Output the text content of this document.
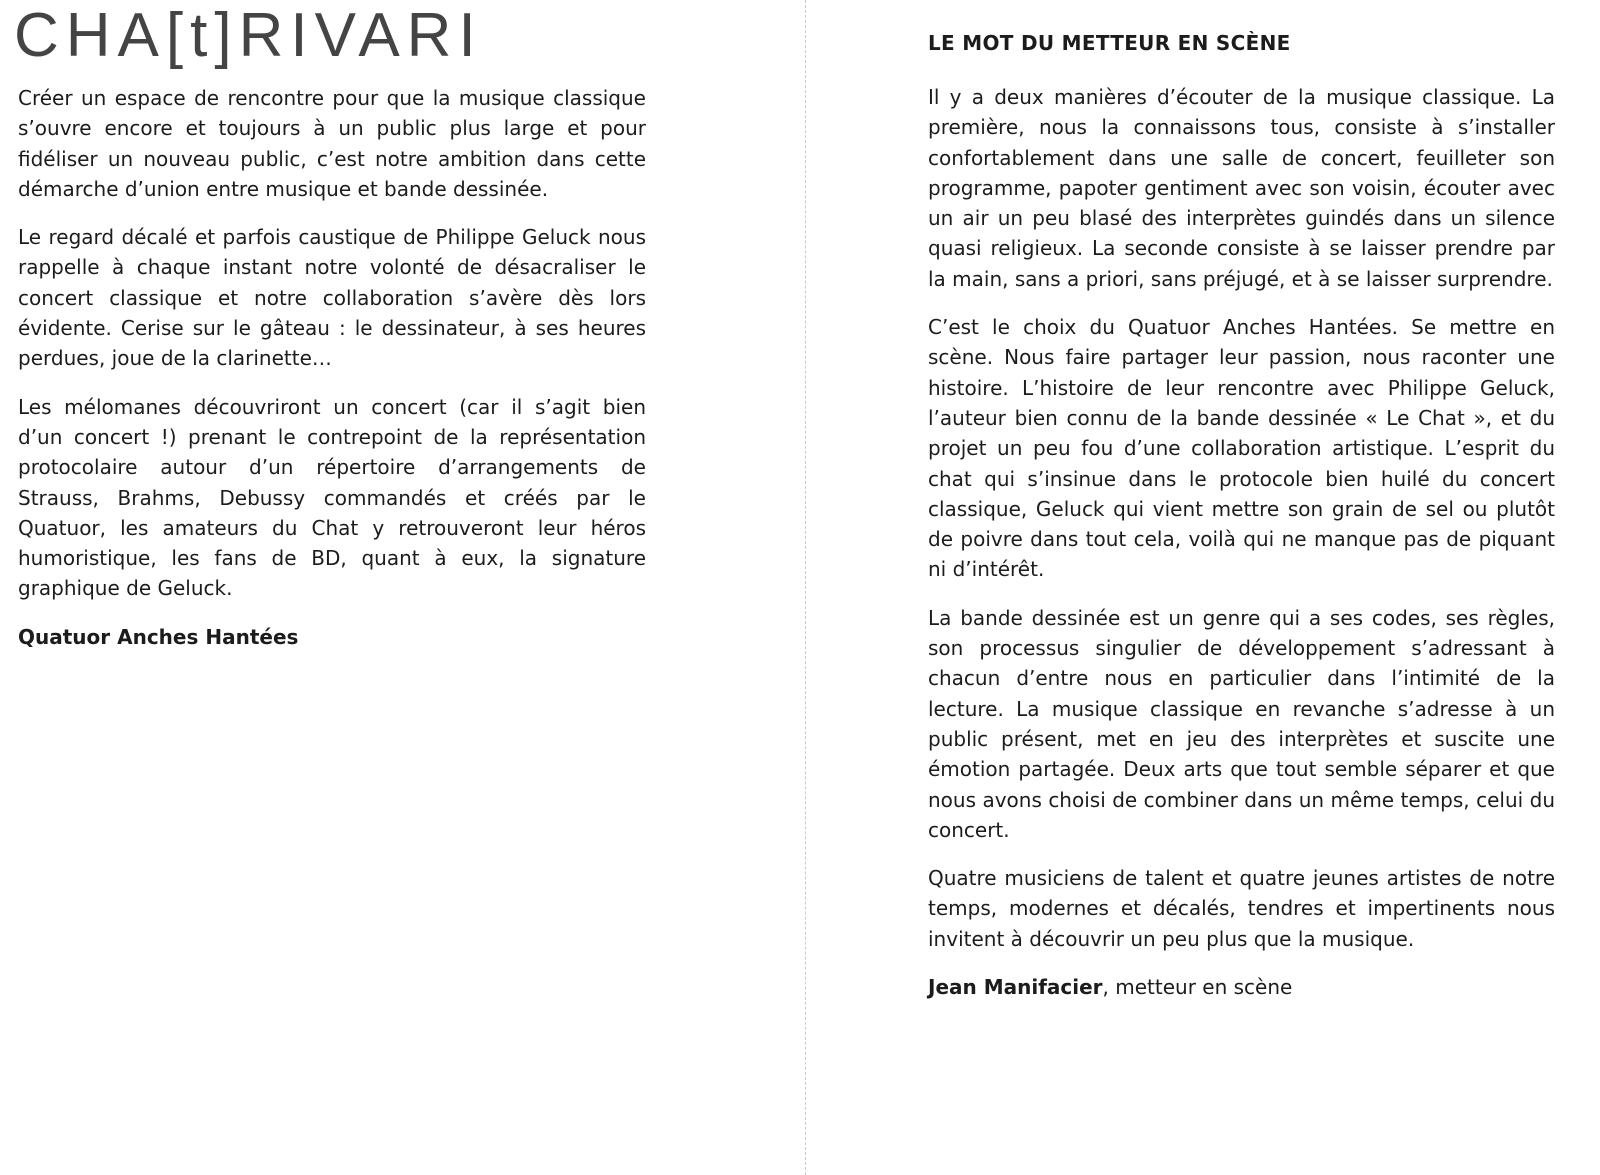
CHA[t]RIVARI

Créer un espace de rencontre pour que la musique classique s’ouvre encore et toujours à un public plus large et pour fidéliser un nouveau public, c’est notre ambition dans cette démarche d’union entre musique et bande dessinée.

Le regard décalé et parfois caustique de Philippe Geluck nous rappelle à chaque instant notre volonté de désacraliser le concert classique et notre collaboration s’avère dès lors évidente. Cerise sur le gâteau : le dessinateur, à ses heures perdues, joue de la clarinette…

Les mélomanes découvriront un concert (car il s’agit bien d’un concert !) prenant le contrepoint de la représentation protocolaire autour d’un répertoire d’arrangements de Strauss, Brahms, Debussy commandés et créés par le Quatuor, les amateurs du Chat y retrouveront leur héros humoristique, les fans de BD, quant à eux, la signature graphique de Geluck.

Quatuor Anches Hantées

LE MOT DU METTEUR EN SCÈNE

Il y a deux manières d’écouter de la musique classique. La première, nous la connaissons tous, consiste à s’installer confortablement dans une salle de concert, feuilleter son programme, papoter gentiment avec son voisin, écouter avec un air un peu blasé des interprètes guindés dans un silence quasi religieux. La seconde consiste à se laisser prendre par la main, sans a priori, sans préjugé, et à se laisser surprendre.

C’est le choix du Quatuor Anches Hantées. Se mettre en scène. Nous faire partager leur passion, nous raconter une histoire. L’histoire de leur rencontre avec Philippe Geluck, l’auteur bien connu de la bande dessinée « Le Chat », et du projet un peu fou d’une collaboration artistique. L’esprit du chat qui s’insinue dans le protocole bien huilé du concert classique, Geluck qui vient mettre son grain de sel ou plutôt de poivre dans tout cela, voilà qui ne manque pas de piquant ni d’intérêt.

La bande dessinée est un genre qui a ses codes, ses règles, son processus singulier de développement s’adressant à chacun d’entre nous en particulier dans l’intimité de la lecture. La musique classique en revanche s’adresse à un public présent, met en jeu des interprètes et suscite une émotion partagée. Deux arts que tout semble séparer et que nous avons choisi de combiner dans un même temps, celui du concert.

Quatre musiciens de talent et quatre jeunes artistes de notre temps, modernes et décalés, tendres et impertinents nous invitent à découvrir un peu plus que la musique.

Jean Manifacier, metteur en scène
